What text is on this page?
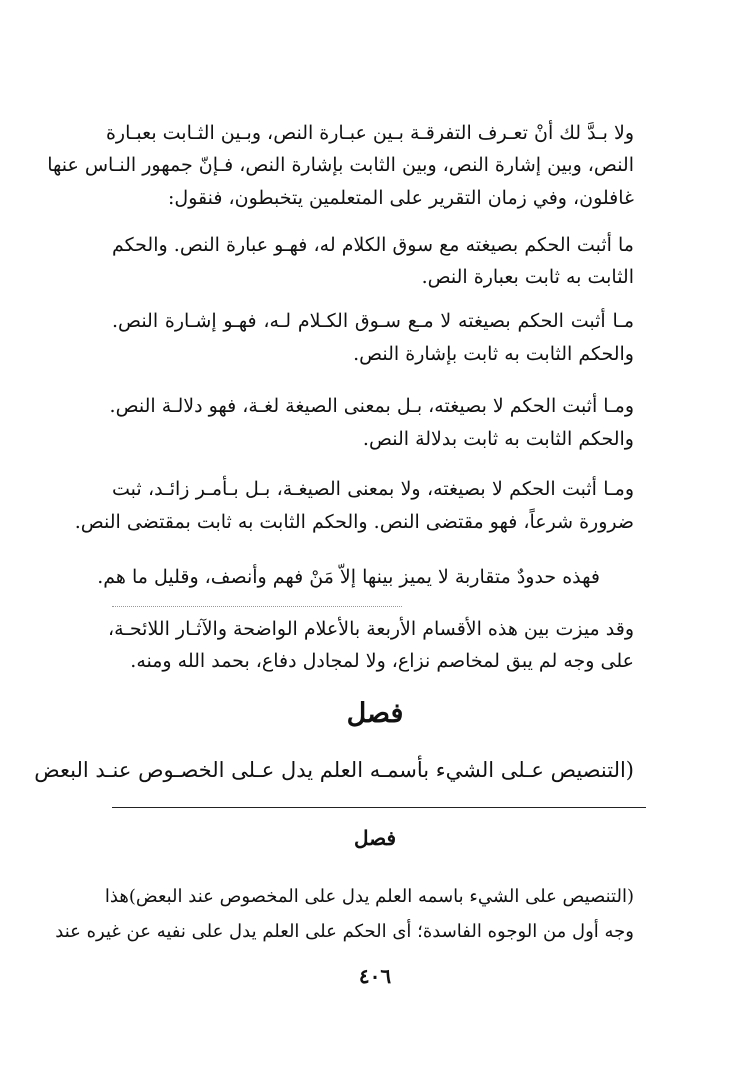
ولا بـدَّ لك أنْ تعـرف التفرقـة بـين عبـارة النص، وبـين الثـابت بعبـارة
النص، وبين إشارة النص، وبين الثابت بإشارة النص، فـإنّ جمهور النـاس عنها
غافلون، وفي زمان التقرير على المتعلمين يتخبطون، فنقول:
ما أثبت الحكم بصيغته مع سوق الكلام له، فهـو عبارة النص. والحكم
الثابت به ثابت بعبارة النص.
مـا أثبت الحكم بصيغته لا مـع سـوق الكـلام لـه، فهـو إشـارة النص.
والحكم الثابت به ثابت بإشارة النص.
ومـا أثبت الحكم لا بصيغته، بـل بمعنى الصيغة لغـة، فهو دلالـة النص.
والحكم الثابت به ثابت بدلالة النص.
ومـا أثبت الحكم لا بصيغته، ولا بمعنى الصيغـة، بـل بـأمـر زائـد، ثبت
ضرورة شرعاً، فهو مقتضى النص. والحكم الثابت به ثابت بمقتضى النص.
فهذه حدودٌ متقاربة لا يميز بينها إلاّ مَنْ فهم وأنصف، وقليل ما هم.
وقد ميزت بين هذه الأقسام الأربعة بالأعلام الواضحة والآثـار اللائحـة،
على وجه لم يبق لمخاصم نزاع، ولا لمجادل دفاع، بحمد الله ومنه.
فصل
(التنصيص عـلى الشيء بأسمـه العلم يدل عـلى الخصـوص عنـد البعض
فصل
(التنصيص على الشيء باسمه العلم يدل على المخصوص عند البعض)هذا
وجه أول من الوجوه الفاسدة؛ أى الحكم على العلم يدل على نفيه عن غيره عند
٤٠٦
